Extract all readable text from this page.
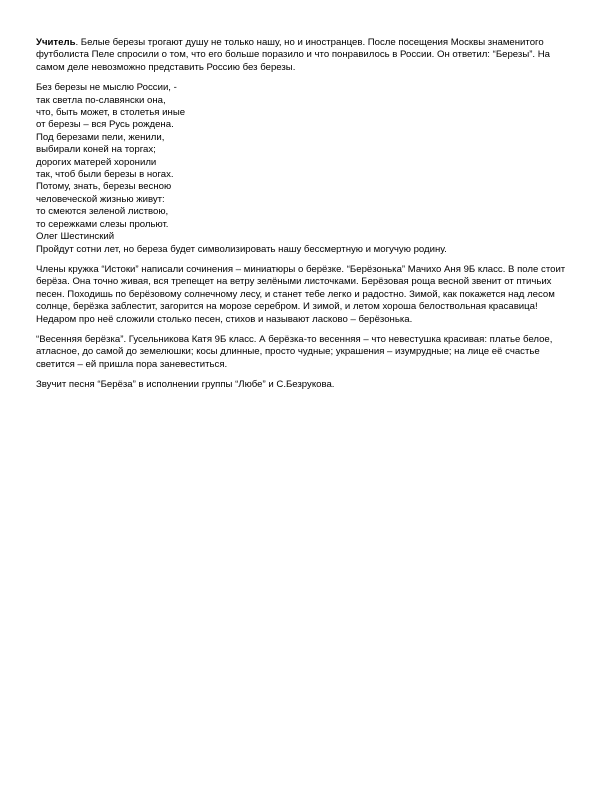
Учитель. Белые березы трогают душу не только нашу, но и иностранцев. После посещения Москвы знаменитого футболиста Пеле спросили о том, что его больше поразило и что понравилось в России. Он ответил: “Березы”. На самом деле невозможно представить Россию без березы.

Без березы не мыслю России, -
так светла по-славянски она,
что, быть может, в столетья иные
от березы – вся Русь рождена.
Под березами пели, женили,
выбирали коней на торгах;
дорогих матерей хоронили
так, чтоб были березы в ногах.
Потому, знать, березы весною
человеческой жизнью живут:
то смеются зеленой листвою,
то сережками слезы прольют.
Олег Шестинский

Пройдут сотни лет, но береза будет символизировать нашу бессмертную и могучую родину.

Члены кружка “Истоки” написали сочинения – миниатюры о берёзке. “Берёзонька” Мачихо Аня 9Б класс. В поле стоит берёза. Она точно живая, вся трепещет на ветру зелёными листочками. Берёзовая роща весной звенит от птичьих песен. Походишь по берёзовому солнечному лесу, и станет тебе легко и радостно. Зимой, как покажется над лесом солнце, берёзка заблестит, загорится на морозе серебром. И зимой, и летом хороша белоствольная красавица! Недаром про неё сложили столько песен, стихов и называют ласково – берёзонька.

“Весенняя берёзка”. Гусельникова Катя 9Б класс. А берёзка-то весенняя – что невестушка красивая: платье белое, атласное, до самой до земелюшки; косы длинные, просто чудные; украшения – изумрудные; на лице её счастье светится – ей пришла пора заневеститься.

Звучит песня “Берёза” в исполнении группы “Любе” и С.Безрукова.
